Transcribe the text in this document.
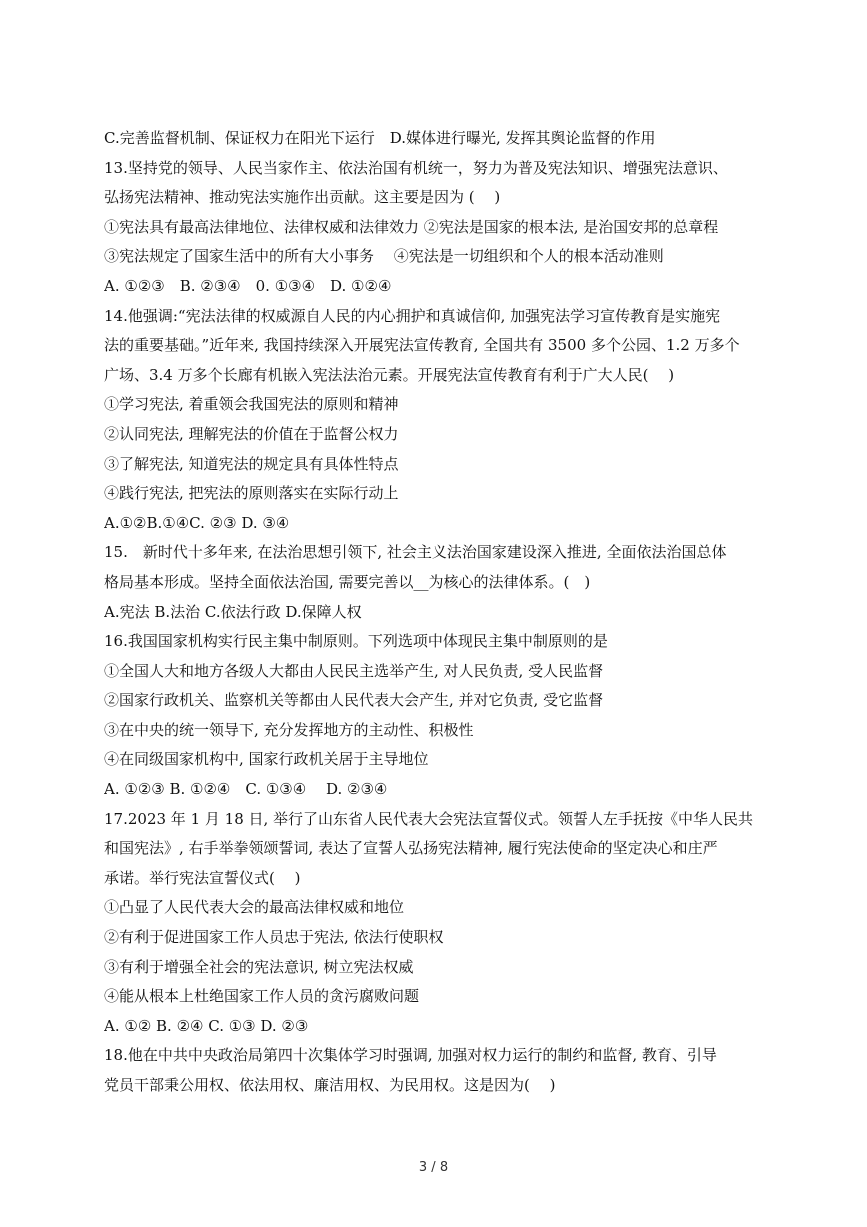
C.完善监督机制、保证权力在阳光下运行　D.媒体进行曝光, 发挥其舆论监督的作用
13.坚持党的领导、人民当家作主、依法治国有机统一，努力为普及宪法知识、增强宪法意识、
弘扬宪法精神、推动宪法实施作出贡献。这主要是因为 (　 )
①宪法具有最高法律地位、法律权威和法律效力 ②宪法是国家的根本法, 是治国安邦的总章程
③宪法规定了国家生活中的所有大小事务　 ④宪法是一切组织和个人的根本活动准则
A. ①②③　B. ②③④　0. ①③④　D. ①②④
14.他强调:“宪法法律的权威源自人民的内心拥护和真诚信仰, 加强宪法学习宣传教育是实施宪
法的重要基础。”近年来, 我国持续深入开展宪法宣传教育, 全国共有 3500 多个公园、1.2 万多个
广场、3.4 万多个长廊有机嵌入宪法法治元素。开展宪法宣传教育有利于广大人民(　 )
①学习宪法, 着重领会我国宪法的原则和精神
②认同宪法, 理解宪法的价值在于监督公权力
③了解宪法, 知道宪法的规定具有具体性特点
④践行宪法, 把宪法的原则落实在实际行动上
A.①②B.①④C. ②③ D. ③④
15.　新时代十多年来, 在法治思想引领下, 社会主义法治国家建设深入推进, 全面依法治国总体
格局基本形成。坚持全面依法治国, 需要完善以__为核心的法律体系。(　)
A.宪法 B.法治 C.依法行政 D.保障人权
16.我国国家机构实行民主集中制原则。下列选项中体现民主集中制原则的是
①全国人大和地方各级人大都由人民民主选举产生, 对人民负责, 受人民监督
②国家行政机关、监察机关等都由人民代表大会产生, 并对它负责, 受它监督
③在中央的统一领导下, 充分发挥地方的主动性、积极性
④在同级国家机构中, 国家行政机关居于主导地位
A. ①②③ B. ①②④　C. ①③④　 D. ②③④
17.2023 年 1 月 18 日, 举行了山东省人民代表大会宪法宣誓仪式。领誓人左手抚按《中华人民共
和国宪法》, 右手举拳领颂誓词, 表达了宣誓人弘扬宪法精神, 履行宪法使命的坚定决心和庄严
承诺。举行宪法宣誓仪式(　 )
①凸显了人民代表大会的最高法律权威和地位
②有利于促进国家工作人员忠于宪法, 依法行使职权
③有利于增强全社会的宪法意识, 树立宪法权威
④能从根本上杜绝国家工作人员的贪污腐败问题
A. ①② B. ②④ C. ①③ D. ②③
18.他在中共中央政治局第四十次集体学习时强调, 加强对权力运行的制约和监督, 教育、引导
党员干部秉公用权、依法用权、廉洁用权、为民用权。这是因为(　 )
3 / 8
